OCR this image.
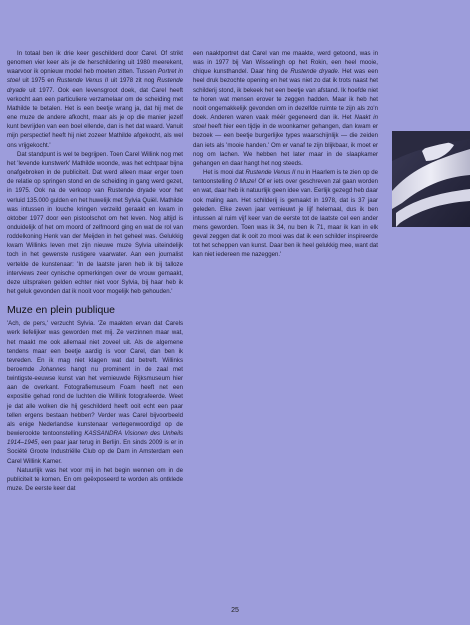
In totaal ben ik drie keer geschilderd door Carel. Of strikt genomen vier keer als je de herschildering uit 1980 meerekent, waarvoor ik opnieuw model heb moeten zitten. Tussen Portret in stoel uit 1975 en Rustende Venus II uit 1978 zit nog Rustende dryade uit 1977. Ook een levensgroot doek, dat Carel heeft verkocht aan een particuliere verzamelaar om de scheiding met Mathilde te betalen. Het is een beetje wrang ja, dat hij met de ene muze de andere afkocht, maar als je op die manier jezelf kunt bevrijden van een boel ellende, dan is het dat waard. Vanuit mijn perspectief heeft hij niet zozeer Mathilde afgekocht, als wel ons vrijgekocht.'

Dat standpunt is wel te begrijpen. Toen Carel Willink nog met het 'levende kunstwerk' Mathilde woonde, was het echtpaar bijna onafgebroken in de publiciteit. Dat werd alleen maar erger toen de relatie op springen stond en de scheiding in gang werd gezet, in 1975. Ook na de verkoop van Rustende dryade voor het verluid 135.000 gulden en het huwelijk met Sylvia Quiël. Mathilde was intussen in louche kringen verzeild geraakt en kwam in oktober 1977 door een pistoolschot om het leven. Nog altijd is onduidelijk of het om moord of zelfmoord ging en wat de rol van roddelkoning Henk van der Meijden in het geheel was. Gelukkig kwam Willinks leven met zijn nieuwe muze Sylvia uiteindelijk toch in het gewenste rustigere vaarwater. Aan een journalist vertelde de kunstenaar: 'In de laatste jaren heb ik bij talloze interviews zeer cynische opmerkingen over de vrouw gemaakt, deze uitspraken gelden echter niet voor Sylvia, bij haar heb ik het geluk gevonden dat ik nooit voor mogelijk heb gehouden.'

Muze en plein publique

'Ach, de pers,' verzucht Sylvia. 'Ze maakten ervan dat Carels werk liefelijker was geworden met mij. Ze verzinnen maar wat, het maakt me ook allemaal niet zoveel uit. Als de algemene tendens maar een beetje aardig is voor Carel, dan ben ik tevreden. En ik mag niet klagen wat dat betreft. Willinks beroemde Johannes hangt nu prominent in de zaal met twintigste-eeuwse kunst van het vernieuwde Rijksmuseum hier aan de overkant. Fotografiemuseum Foam heeft net een expositie gehad rond de luchten die Willink fotografeerde. Weet je dat alle wolken die hij geschilderd heeft ooit echt een paar tellen ergens bestaan hebben? Verder was Carel bijvoorbeeld als enige Nederlandse kunstenaar vertegenwoordigd op de bewierookte tentoonstelling KASSANDRA Visionen des Unheils 1914–1945, een paar jaar terug in Berlijn. En sinds 2009 is er in Société Groote Industriëlle Club op de Dam in Amsterdam een Carel Willink Kamer.

Natuurlijk was het voor mij in het begin wennen om in de publiciteit te komen. En om geëxposeerd te worden als ontklede muze. De eerste keer dat

een naaktportret dat Carel van me maakte, werd getoond, was in was in 1977 bij Van Wisselingh op het Rokin, een heel mooie, chique kunsthandel. Daar hing de Rustende dryade. Het was een heel druk bezochte opening en het was niet zo dat ik trots naast het schilderij stond, ik bekeek het een beetje van afstand. Ik hoefde niet te horen wat mensen erover te zeggen hadden. Maar ik heb het nooit ongemakkelijk gevonden om in dezelfde ruimte te zijn als zo'n doek. Anderen waren vaak méér gegeneerd dan ik. Het Naakt in stoel heeft hier een tijdje in de woonkamer gehangen, dan kwam er bezoek — een beetje burgerlijke types waarschijnlijk — die zeiden dan iets als 'mooie handen.' Om er vanaf te zijn blijkbaar, ik moet er nog om lachen. We hebben het later maar in de slaapkamer gehangen en daar hangt het nog steeds.

Het is mooi dat Rustende Venus II nu in Haarlem is te zien op de tentoonstelling 0 Muze! Of er iets over geschreven zal gaan worden en wat, daar heb ik natuurlijk geen idee van. Eerlijk gezegd heb daar ook maling aan. Het schilderij is gemaakt in 1978, dat is 37 jaar geleden. Elke zeven jaar vernieuwt je lijf helemaal, dus ik ben intussen al ruim vijf keer van de eerste tot de laatste cel een ander mens geworden. Toen was ik 34, nu ben ik 71, maar ik kan in elk geval zeggen dat ik ooit zo mooi was dat ik een schilder inspireerde tot het scheppen van kunst. Daar ben ik heel gelukkig mee, want dat kan niet iedereen me nazeggen.'

25
